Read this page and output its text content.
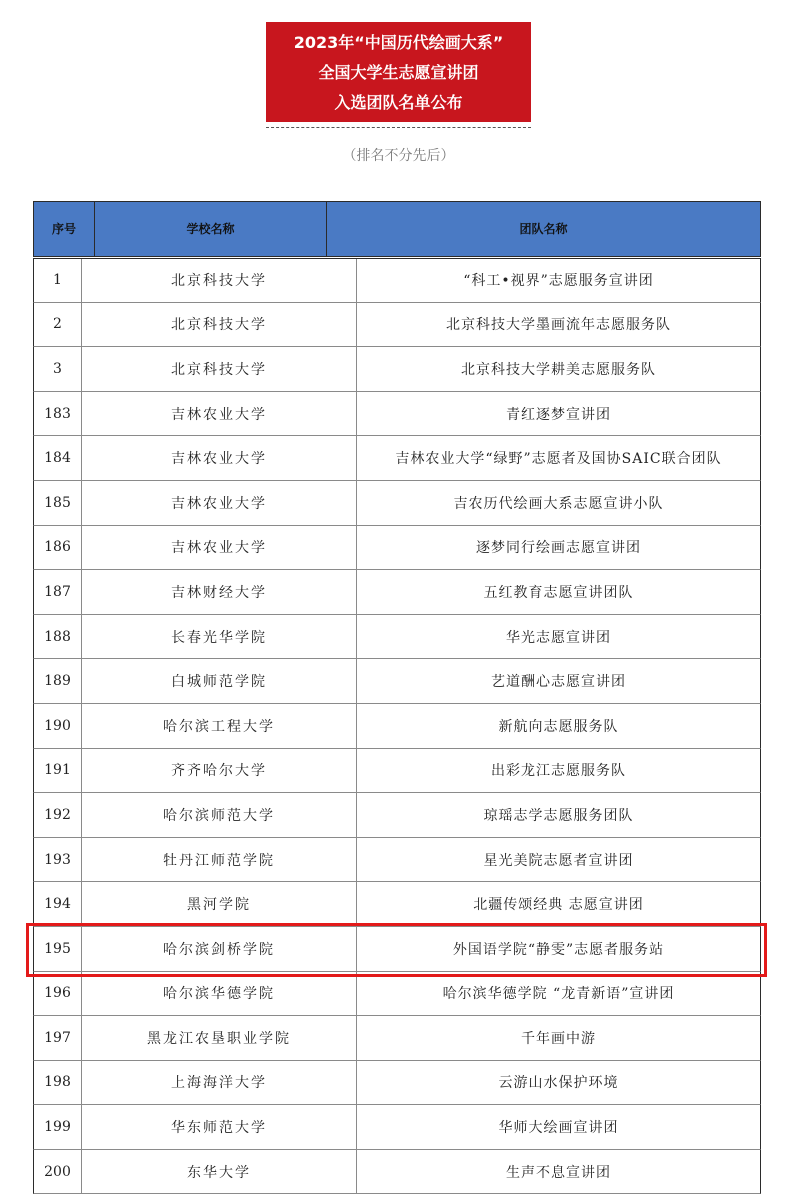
2023年“中国历代绘画大系”
全国大学生志愿宣讲团
入选团队名单公布
（排名不分先后）
序号	学校名称	团队名称
1	北京科技大学	“科工•视界”志愿服务宣讲团
2	北京科技大学	北京科技大学墨画流年志愿服务队
3	北京科技大学	北京科技大学耕美志愿服务队
183	吉林农业大学	青红逐梦宣讲团
184	吉林农业大学	吉林农业大学“绿野”志愿者及国协SAIC联合团队
185	吉林农业大学	吉农历代绘画大系志愿宣讲小队
186	吉林农业大学	逐梦同行绘画志愿宣讲团
187	吉林财经大学	五红教育志愿宣讲团队
188	长春光华学院	华光志愿宣讲团
189	白城师范学院	艺道酬心志愿宣讲团
190	哈尔滨工程大学	新航向志愿服务队
191	齐齐哈尔大学	出彩龙江志愿服务队
192	哈尔滨师范大学	琼瑶志学志愿服务团队
193	牡丹江师范学院	星光美院志愿者宣讲团
194	黑河学院	北疆传颂经典 志愿宣讲团
195	哈尔滨剑桥学院	外国语学院“静雯”志愿者服务站
196	哈尔滨华德学院	哈尔滨华德学院 “龙青新语”宣讲团
197	黑龙江农垦职业学院	千年画中游
198	上海海洋大学	云游山水保护环境
199	华东师范大学	华师大绘画宣讲团
200	东华大学	生声不息宣讲团
